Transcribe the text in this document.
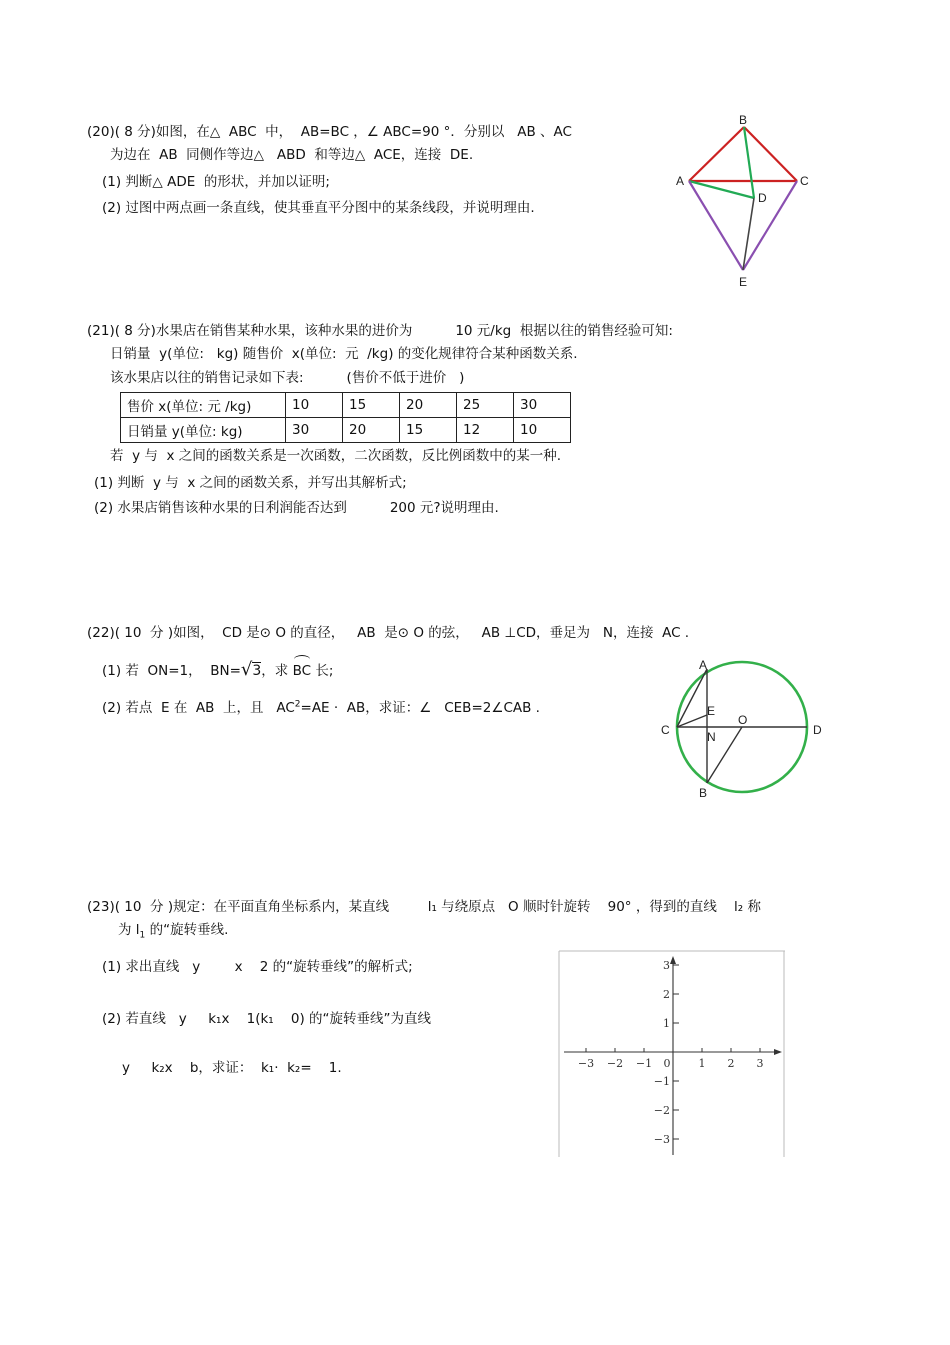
(20)( 8 分)如图，在△  ABC  中，  AB=BC ，∠ ABC=90 °．分别以   AB 、AC
为边在  AB  同侧作等边△   ABD  和等边△  ACE，连接  DE.
(1) 判断△ ADE  的形状，并加以证明;
(2) 过图中两点画一条直线，使其垂直平分图中的某条线段，并说明理由.
B
A	C
D
E
(21)( 8 分)水果店在销售某种水果，该种水果的进价为          10 元/kg  根据以往的销售经验可知:
日销量  y(单位:   kg) 随售价  x(单位:  元  /kg) 的变化规律符合某种函数关系.
该水果店以往的销售记录如下表:          (售价不低于进价   )
售价 x(单位: 元 /kg)	10	15	20	25	30
日销量 y(单位: kg)	30	20	15	12	10
若  y 与  x 之间的函数关系是一次函数，二次函数，反比例函数中的某一种.
(1) 判断  y 与  x 之间的函数关系，并写出其解析式;
(2) 水果店销售该种水果的日利润能否达到          200 元?说明理由.
(22)( 10  分 )如图，  CD 是⊙ O 的直径，   AB  是⊙ O 的弦，   AB ⊥CD，垂足为   N，连接  AC .
(1) 若  ON=1，  BN=√3，求 BC 长;
(2) 若点  E 在  AB  上，且   $AC^2=AE$ ·  AB，求证：∠   CEB=2∠CAB .
A
E
O
C	D
N
B
(23)( 10  分 )规定：在平面直角坐标系内，某直线         l₁ 与绕原点   O 顺时针旋转    90° ，得到的直线    l₂ 称
为 $l_1$ 的“旋转垂线.
(1) 求出直线   y        x    2 的“旋转垂线”的解析式;
(2) 若直线   y     k₁x    1(k₁    0) 的“旋转垂线”为直线
y     k₂x    b，求证：  k₁·  k₂=    1.	−3 −2 −1 0	1 2 3
3
2
1
−1
−2
−3
